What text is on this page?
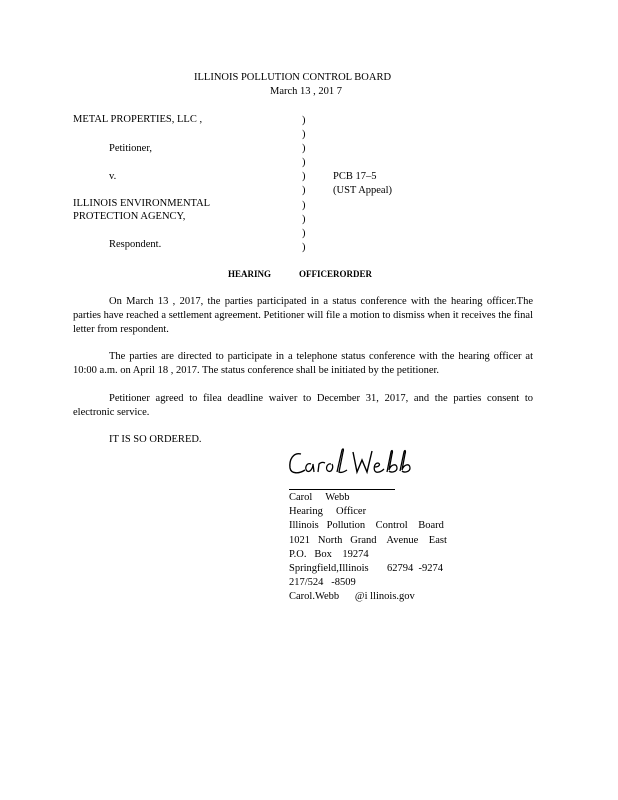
ILLINOIS POLLUTION CONTROL BOARD
March 13 , 201 7
METAL PROPERTIES, LLC ,
Petitioner,
v.
ILLINOIS ENVIRONMENTAL
PROTECTION AGENCY,
Respondent.
)
)
)
)
)
)
)
)
)
)
PCB 17–5
(UST Appeal)
HEARING	OFFICERORDER
On March 13 , 2017, the parties participated in a status conference with the hearing officer.The parties have reached a settlement agreement. Petitioner will file a motion to dismiss when it receives the final letter from respondent.
The parties are directed to participate in a telephone status conference with the hearing officer at 10:00 a.m. on April 18 , 2017. The status conference shall be initiated by the petitioner.
Petitioner agreed to filea deadline waiver to December 31, 2017, and the parties consent to electronic service.
IT IS SO ORDERED.
Carol     Webb
Hearing     Officer
Illinois   Pollution    Control    Board
1021   North   Grand    Avenue    East
P.O.   Box    19274
Springfield,Illinois       62794  -9274
217/524   -8509
Carol.Webb      @i llinois.gov
